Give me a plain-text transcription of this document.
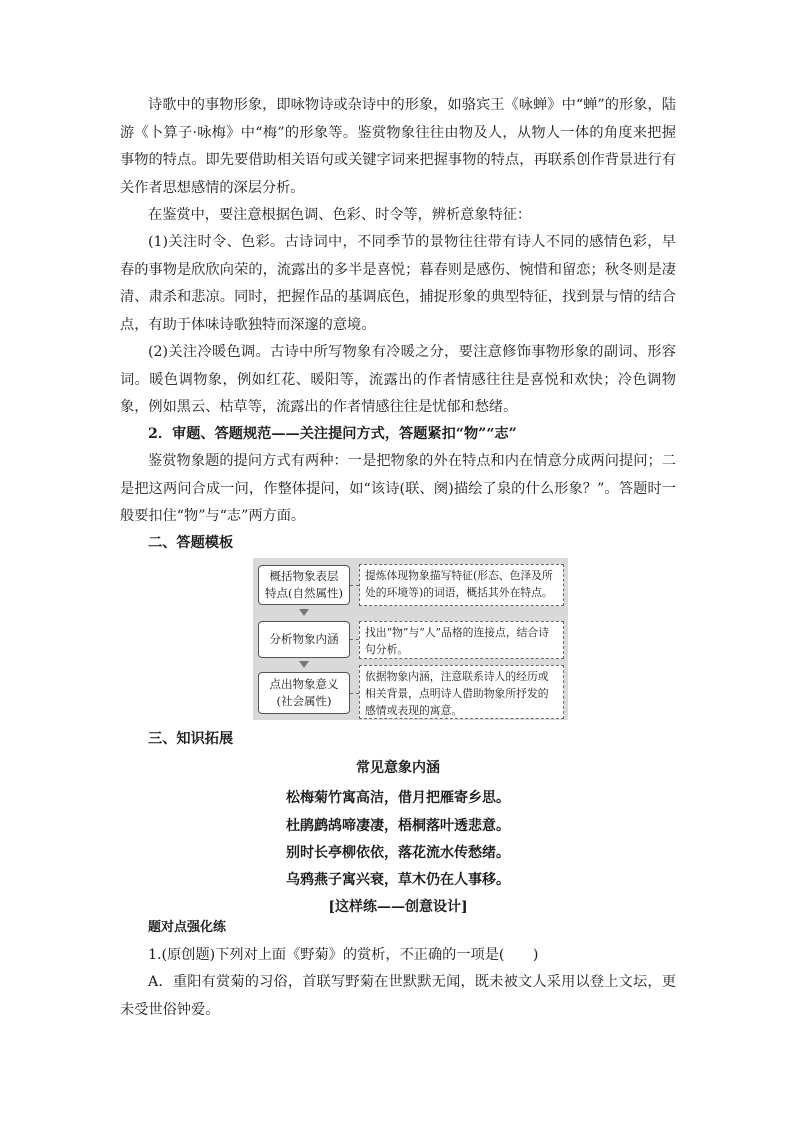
诗歌中的事物形象，即咏物诗或杂诗中的形象，如骆宾王《咏蝉》中“蝉”的形象，陆游《卜算子·咏梅》中“梅”的形象等。鉴赏物象往往由物及人，从物人一体的角度来把握事物的特点。即先要借助相关语句或关键字词来把握事物的特点，再联系创作背景进行有关作者思想感情的深层分析。

在鉴赏中，要注意根据色调、色彩、时令等，辨析意象特征：

(1)关注时令、色彩。古诗词中，不同季节的景物往往带有诗人不同的感情色彩，早春的事物是欣欣向荣的，流露出的多半是喜悦；暮春则是感伤、惋惜和留恋；秋冬则是凄清、肃杀和悲凉。同时，把握作品的基调底色，捕捉形象的典型特征，找到景与情的结合点，有助于体味诗歌独特而深邃的意境。

(2)关注冷暖色调。古诗中所写物象有冷暖之分，要注意修饰事物形象的副词、形容词。暖色调物象，例如红花、暖阳等，流露出的作者情感往往是喜悦和欢快；冷色调物象，例如黑云、枯草等，流露出的作者情感往往是忧郁和愁绪。

2．审题、答题规范——关注提问方式，答题紧扣“物”“志”

鉴赏物象题的提问方式有两种：一是把物象的外在特点和内在情意分成两问提问；二是把这两问合成一问，作整体提问，如“该诗(联、阕)描绘了泉的什么形象？”。答题时一般要扣住“物”与“志”两方面。

二、答题模板

概括物象表层
特点(自然属性)
提炼体现物象描写特征(形态、色泽及所处的环境等)的词语，概括其外在特点。
分析物象内涵	找出“物”与“人”品格的连接点，结合诗句分析。
点出物象意义
(社会属性)
依据物象内涵，注意联系诗人的经历或相关背景，点明诗人借助物象所抒发的感情或表现的寓意。

三、知识拓展

常见意象内涵

松梅菊竹寓高洁，借月把雁寄乡思。

杜鹃鹧鸪啼凄凄，梧桐落叶透悲意。

别时长亭柳依依，落花流水传愁绪。

乌鸦燕子寓兴衰，草木仍在人事移。

[这样练——创意设计]

题对点强化练

1.(原创题)下列对上面《野菊》的赏析，不正确的一项是(　　)

A．重阳有赏菊的习俗，首联写野菊在世默默无闻，既未被文人采用以登上文坛，更未受世俗钟爱。
